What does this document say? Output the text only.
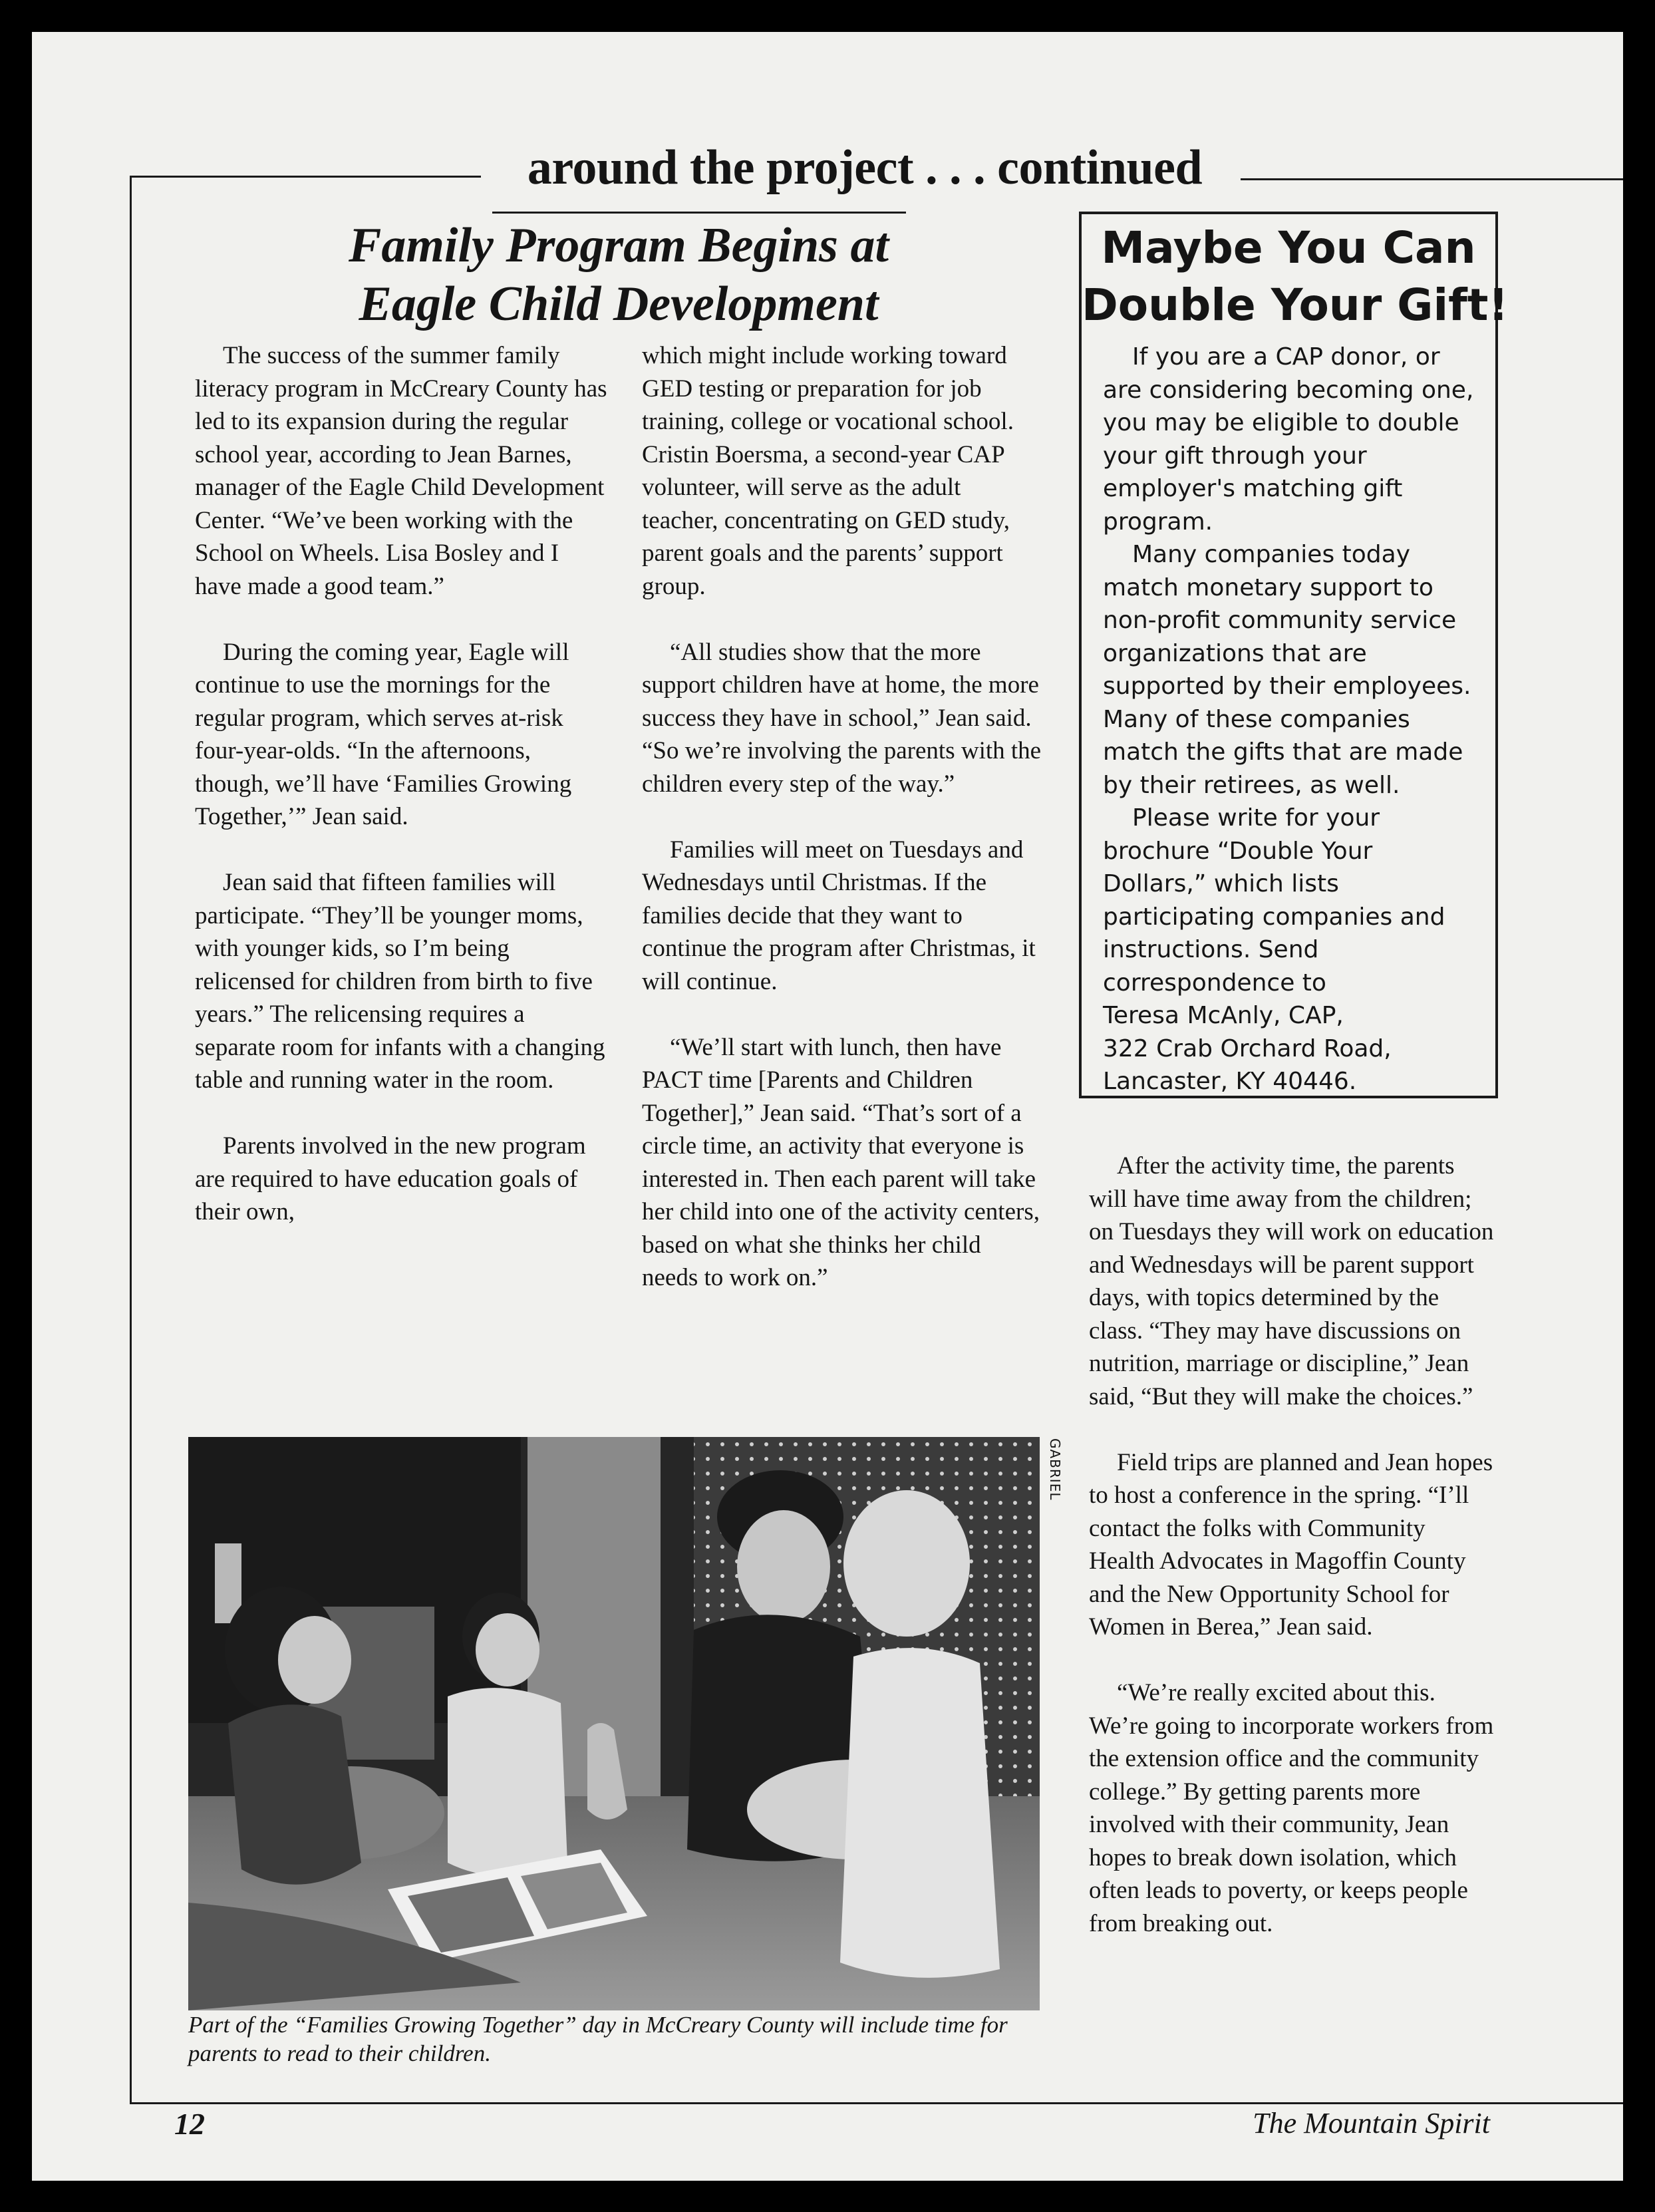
around the project . . . continued
Family Program Begins at
Eagle Child Development

The success of the summer family literacy program in McCreary County has led to its expansion during the regular school year, according to Jean Barnes, manager of the Eagle Child Development Center. “We’ve been working with the School on Wheels. Lisa Bosley and I have made a good team.”

During the coming year, Eagle will continue to use the mornings for the regular program, which serves at-risk four-year-olds. “In the afternoons, though, we’ll have ‘Families Growing Together,’” Jean said.

Jean said that fifteen families will participate. “They’ll be younger moms, with younger kids, so I’m being relicensed for children from birth to five years.” The relicensing requires a separate room for infants with a changing table and running water in the room.

Parents involved in the new program are required to have education goals of their own,

which might include working toward GED testing or preparation for job training, college or vocational school. Cristin Boersma, a second-year CAP volunteer, will serve as the adult teacher, concentrating on GED study, parent goals and the parents’ support group.

“All studies show that the more support children have at home, the more success they have in school,” Jean said. “So we’re involving the parents with the children every step of the way.”

Families will meet on Tuesdays and Wednesdays until Christmas. If the families decide that they want to continue the program after Christmas, it will continue.

“We’ll start with lunch, then have PACT time [Parents and Children Together],” Jean said. “That’s sort of a circle time, an activity that everyone is interested in. Then each parent will take her child into one of the activity centers, based on what she thinks her child needs to work on.”

Maybe You Can
Double Your Gift!

If you are a CAP donor, or are considering becoming one, you may be eligible to double your gift through your employer's matching gift program.

Many companies today match monetary support to non-profit community service organizations that are supported by their employees. Many of these companies match the gifts that are made by their retirees, as well.

Please write for your brochure “Double Your Dollars,” which lists participating companies and instructions. Send correspondence to
Teresa McAnly, CAP,
322 Crab Orchard Road,
Lancaster, KY 40446.

After the activity time, the parents will have time away from the children; on Tuesdays they will work on education and Wednesdays will be parent support days, with topics determined by the class. “They may have discussions on nutrition, marriage or discipline,” Jean said, “But they will make the choices.”

Field trips are planned and Jean hopes to host a conference in the spring. “I’ll contact the folks with Community Health Advocates in Magoffin County and the New Opportunity School for Women in Berea,” Jean said.

“We’re really excited about this. We’re going to incorporate workers from the extension office and the community college.” By getting parents more involved with their community, Jean hopes to break down isolation, which often leads to poverty, or keeps people from breaking out.

GABRIEL
Part of the “Families Growing Together” day in McCreary County will include time for parents to read to their children.
12	The Mountain Spirit
